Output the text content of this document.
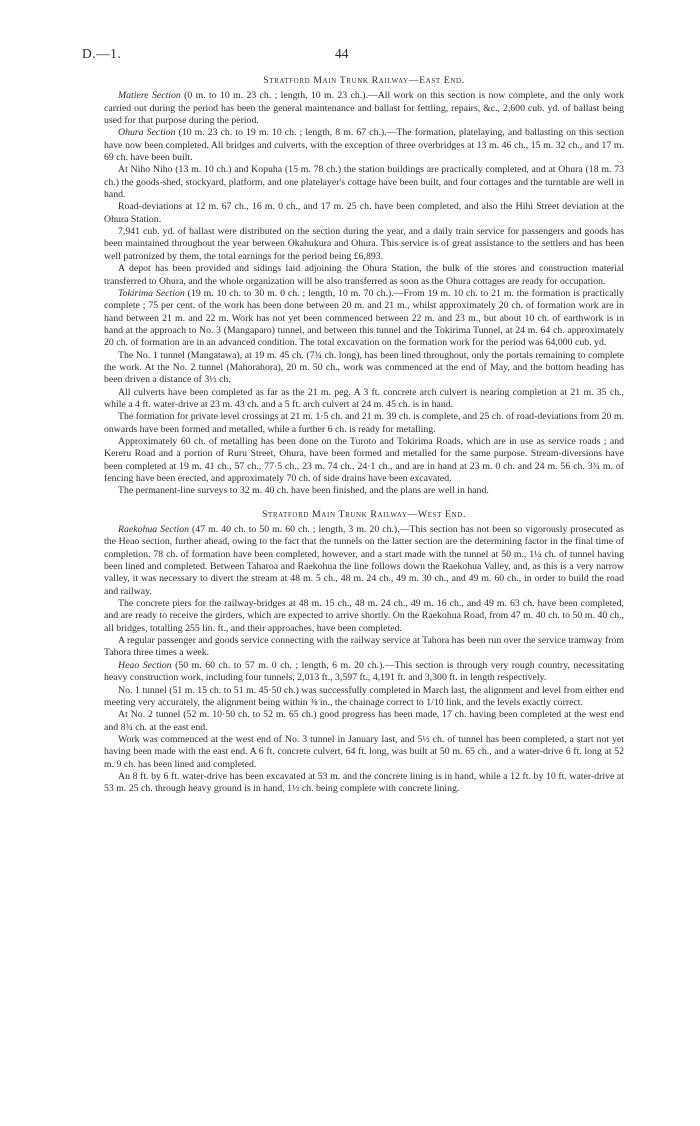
D.—1.	44
Stratford Main Trunk Railway—East End.

Matiere Section (0 m. to 10 m. 23 ch. ; length, 10 m. 23 ch.).—All work on this section is now complete, and the only work carried out during the period has been the general maintenance and ballast for fettling, repairs, &c., 2,600 cub. yd. of ballast being used for that purpose during the period.

Ohura Section (10 m. 23 ch. to 19 m. 10 ch. ; length, 8 m. 67 ch.).—The formation, platelaying, and ballasting on this section have now been completed. All bridges and culverts, with the exception of three overbridges at 13 m. 46 ch., 15 m. 32 ch., and 17 m. 69 ch. have been built.

At Niho Niho (13 m. 10 ch.) and Kopuha (15 m. 78 ch.) the station buildings are practically completed, and at Ohura (18 m. 73 ch.) the goods-shed, stockyard, platform, and one platelayer's cottage have been built, and four cottages and the turntable are well in hand.

Road-deviations at 12 m. 67 ch., 16 m. 0 ch., and 17 m. 25 ch. have been completed, and also the Hihi Street deviation at the Ohura Station.

7,941 cub. yd. of ballast were distributed on the section during the year, and a daily train service for passengers and goods has been maintained throughout the year between Okahukura and Ohura. This service is of great assistance to the settlers and has been well patronized by them, the total earnings for the period being £6,893.

A depot has been provided and sidings laid adjoining the Ohura Station, the bulk of the stores and construction material transferred to Ohura, and the whole organization will be also transferred as soon as the Ohura cottages are ready for occupation.

Tokirima Section (19 m. 10 ch. to 30 m. 0 ch. ; length, 10 m. 70 ch.).—From 19 m. 10 ch. to 21 m. the formation is practically complete ; 75 per cent. of the work has been done between 20 m. and 21 m., whilst approximately 20 ch. of formation work are in hand between 21 m. and 22 m. Work has not yet been commenced between 22 m. and 23 m., but about 10 ch. of earthwork is in hand at the approach to No. 3 (Mangaparo) tunnel, and between this tunnel and the Tokirima Tunnel, at 24 m. 64 ch. approximately 20 ch. of formation are in an advanced condition. The total excavation on the formation work for the period was 64,000 cub. yd.

The No. 1 tunnel (Mangatawa), at 19 m. 45 ch. (7¾ ch. long), has been lined throughout, only the portals remaining to complete the work. At the No. 2 tunnel (Mahorahora), 20 m. 50 ch., work was commenced at the end of May, and the bottom heading has been driven a distance of 3½ ch.

All culverts have been completed as far as the 21 m. peg. A 3 ft. concrete arch culvert is nearing completion at 21 m. 35 ch., while a 4 ft. water-drive at 23 m. 43 ch. and a 5 ft. arch culvert at 24 m. 45 ch. is in hand.

The formation for private level crossings at 21 m. 1·5 ch. and 21 m. 39 ch. is complete, and 25 ch. of road-deviations from 20 m. onwards have been formed and metalled, while a further 6 ch. is ready for metalling.

Approximately 60 ch. of metalling has been done on the Turoto and Tokirima Roads, which are in use as service roads ; and Kereru Road and a portion of Ruru Street, Ohura, have been formed and metalled for the same purpose. Stream-diversions have been completed at 19 m. 41 ch., 57 ch., 77·5 ch., 23 m. 74 ch., 24·1 ch., and are in hand at 23 m. 0 ch. and 24 m. 56 ch. 3¾ m. of fencing have been erected, and approximately 70 ch. of side drains have been excavated.

The permanent-line surveys to 32 m. 40 ch. have been finished, and the plans are well in hand.

Stratford Main Trunk Railway—West End.

Raekohua Section (47 m. 40 ch. to 50 m. 60 ch. ; length, 3 m. 20 ch.).—This section has not been so vigorously prosecuted as the Heao section, further ahead, owing to the fact that the tunnels on the latter section are the determining factor in the final time of completion. 78 ch. of formation have been completed, however, and a start made with the tunnel at 50 m., 1¼ ch. of tunnel having been lined and completed. Between Taharoa and Raekohua the line follows down the Raekohua Valley, and, as this is a very narrow valley, it was necessary to divert the stream at 48 m. 5 ch., 48 m. 24 ch., 49 m. 30 ch., and 49 m. 60 ch., in order to build the road and railway.

The concrete piers for the railway-bridges at 48 m. 15 ch., 48 m. 24 ch., 49 m. 16 ch., and 49 m. 63 ch. have been completed, and are ready to receive the girders, which are expected to arrive shortly. On the Raekohua Road, from 47 m. 40 ch. to 50 m. 40 ch., all bridges, totalling 255 lin. ft., and their approaches, have been completed.

A regular passenger and goods service connecting with the railway service at Tahora has been run over the service tramway from Tahora three times a week.

Heao Section (50 m. 60 ch. to 57 m. 0 ch. ; length, 6 m. 20 ch.).—This section is through very rough country, necessitating heavy construction work, including four tunnels, 2,013 ft., 3,597 ft., 4,191 ft. and 3,300 ft. in length respectively.

No. 1 tunnel (51 m. 15 ch. to 51 m. 45·50 ch.) was successfully completed in March last, the alignment and level from either end meeting very accurately, the alignment being within ⅜ in., the chainage correct to 1/10 link, and the levels exactly correct.

At No. 2 tunnel (52 m. 10·50 ch. to 52 m. 65 ch.) good progress has been made, 17 ch. having been completed at the west end and 8¾ ch. at the east end.

Work was commenced at the west end of No. 3 tunnel in January last, and 5½ ch. of tunnel has been completed, a start not yet having been made with the east end. A 6 ft. concrete culvert, 64 ft. long, was built at 50 m. 65 ch., and a water-drive 6 ft. long at 52 m. 9 ch. has been lined and completed.

An 8 ft. by 6 ft. water-drive has been excavated at 53 m. and the concrete lining is in hand, while a 12 ft. by 10 ft. water-drive at 53 m. 25 ch. through heavy ground is in hand, 1½ ch. being complete with concrete lining.
